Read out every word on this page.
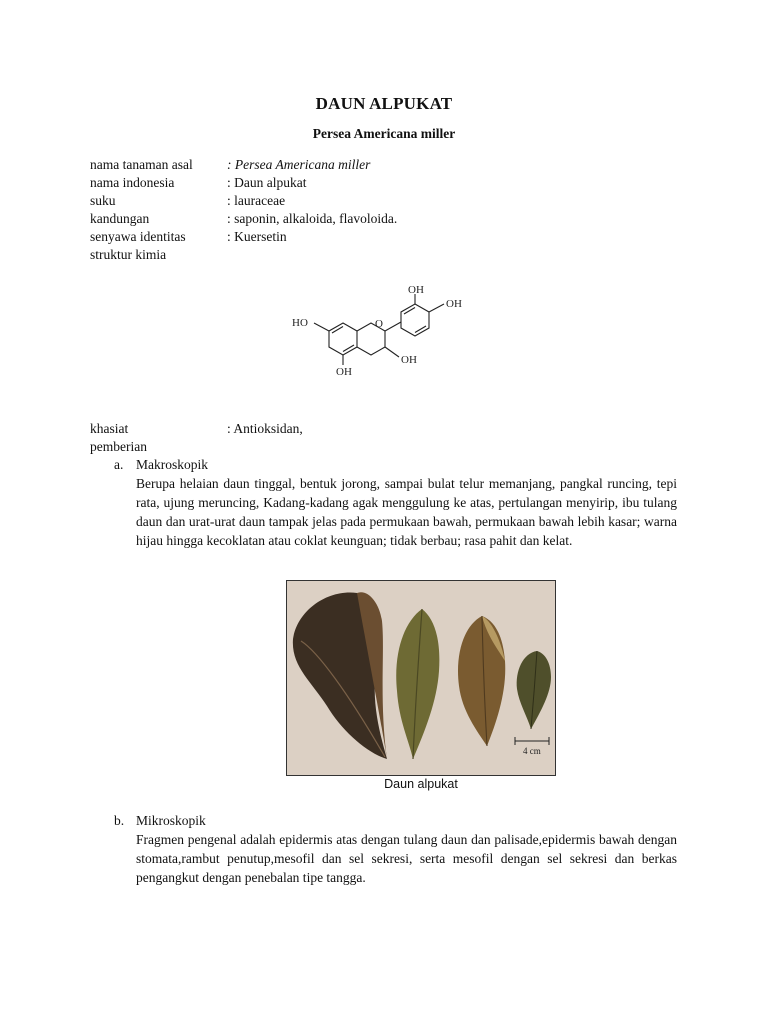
DAUN ALPUKAT
Persea Americana miller
nama tanaman asal	: Persea Americana miller
nama indonesia	: Daun alpukat
suku	: lauraceae
kandungan	: saponin, alkaloida, flavoloida.
senyawa identitas	: Kuersetin
struktur kimia
O
HO
OH
OH
OH
OH
khasiat	: Antioksidan,
pemberian
a. Makroskopik
Berupa helaian daun tinggal, bentuk jorong, sampai bulat telur memanjang, pangkal runcing, tepi rata, ujung meruncing, Kadang-kadang agak menggulung ke atas, pertulangan menyirip, ibu tulang daun dan urat-urat daun tampak jelas pada permukaan bawah, permukaan bawah lebih kasar; warna hijau hingga kecoklatan atau coklat keunguan; tidak berbau; rasa pahit dan kelat.
4 cm
Daun alpukat
b. Mikroskopik
Fragmen pengenal adalah epidermis atas dengan tulang daun dan palisade,epidermis bawah dengan stomata,rambut penutup,mesofil dan sel sekresi, serta mesofil dengan sel sekresi dan berkas pengangkut dengan penebalan tipe tangga.
